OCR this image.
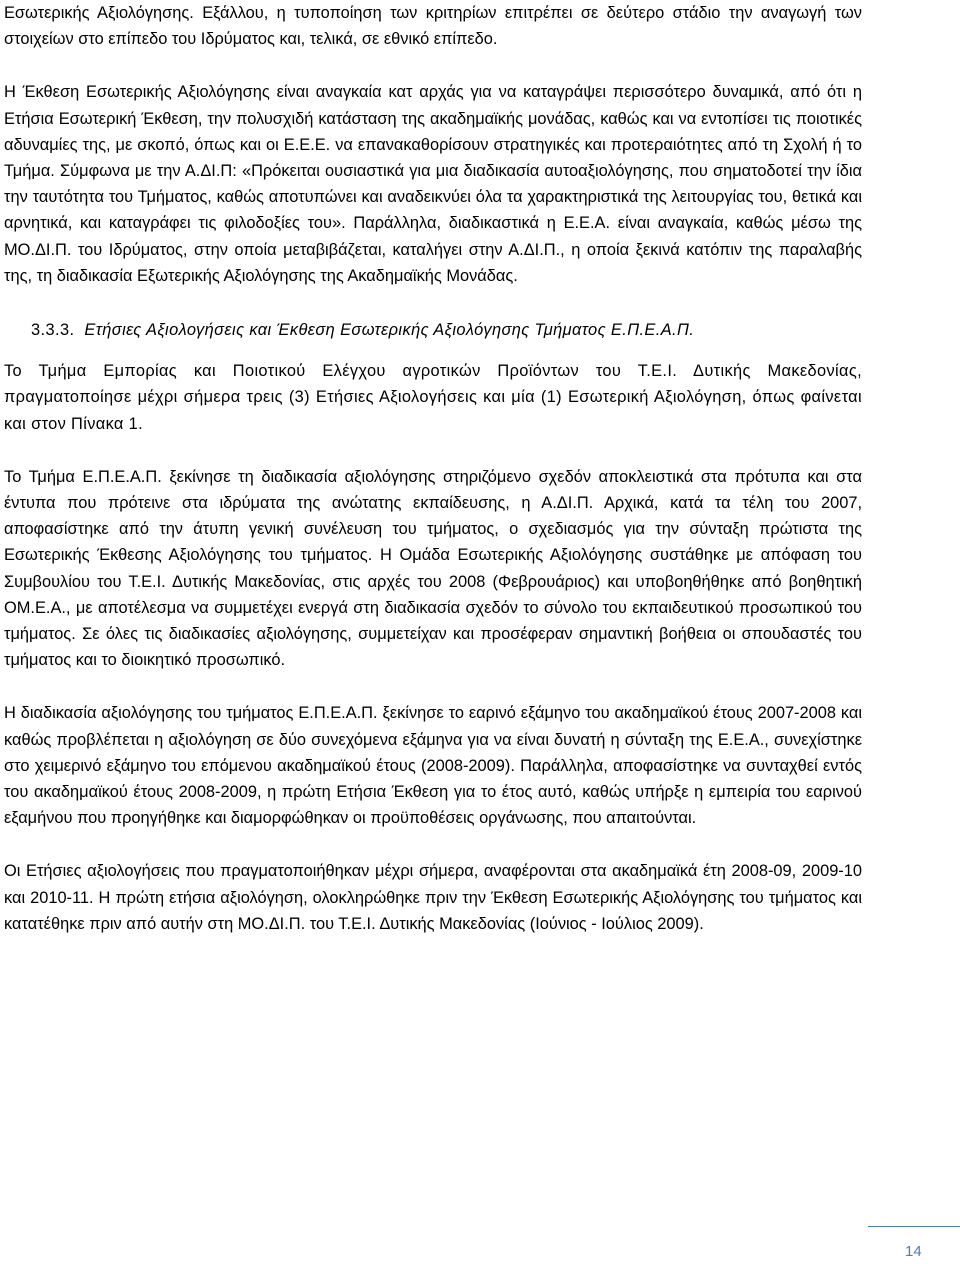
Εσωτερικής Αξιολόγησης. Εξάλλου, η τυποποίηση των κριτηρίων επιτρέπει σε δεύτερο στάδιο την αναγωγή των στοιχείων στο επίπεδο του Ιδρύματος και, τελικά, σε εθνικό επίπεδο.

Η Έκθεση Εσωτερικής Αξιολόγησης είναι αναγκαία κατ αρχάς για να καταγράψει περισσότερο δυναμικά, από ότι η Ετήσια Εσωτερική Έκθεση, την πολυσχιδή κατάσταση της ακαδημαϊκής μονάδας, καθώς και να εντοπίσει τις ποιοτικές αδυναμίες της, με σκοπό, όπως και οι Ε.Ε.Ε. να επανακαθορίσουν στρατηγικές και προτεραιότητες από τη Σχολή ή το Τμήμα. Σύμφωνα με την Α.ΔΙ.Π: «Πρόκειται ουσιαστικά για μια διαδικασία αυτοαξιολόγησης, που σηματοδοτεί την ίδια την ταυτότητα του Τμήματος, καθώς αποτυπώνει και αναδεικνύει όλα τα χαρακτηριστικά της λειτουργίας του, θετικά και αρνητικά, και καταγράφει τις φιλοδοξίες του». Παράλληλα, διαδικαστικά η Ε.Ε.Α. είναι αναγκαία, καθώς μέσω της ΜΟ.ΔΙ.Π. του Ιδρύματος, στην οποία μεταβιβάζεται, καταλήγει στην Α.ΔΙ.Π., η οποία ξεκινά κατόπιν της παραλαβής της, τη διαδικασία Εξωτερικής Αξιολόγησης της Ακαδημαϊκής Μονάδας.

3.3.3. Ετήσιες Αξιολογήσεις και Έκθεση Εσωτερικής Αξιολόγησης Τμήματος Ε.Π.Ε.Α.Π.

Το Τμήμα Εμπορίας και Ποιοτικού Ελέγχου αγροτικών Προϊόντων του Τ.Ε.Ι. Δυτικής Μακεδονίας, πραγματοποίησε μέχρι σήμερα τρεις (3) Ετήσιες Αξιολογήσεις και μία (1) Εσωτερική Αξιολόγηση, όπως φαίνεται και στον Πίνακα 1.

Το Τμήμα Ε.Π.Ε.Α.Π. ξεκίνησε τη διαδικασία αξιολόγησης στηριζόμενο σχεδόν αποκλειστικά στα πρότυπα και στα έντυπα που πρότεινε στα ιδρύματα της ανώτατης εκπαίδευσης, η Α.ΔΙ.Π. Αρχικά, κατά τα τέλη του 2007, αποφασίστηκε από την άτυπη γενική συνέλευση του τμήματος, ο σχεδιασμός για την σύνταξη πρώτιστα της Εσωτερικής Έκθεσης Αξιολόγησης του τμήματος. Η Ομάδα Εσωτερικής Αξιολόγησης συστάθηκε με απόφαση του Συμβουλίου του Τ.Ε.Ι. Δυτικής Μακεδονίας, στις αρχές του 2008 (Φεβρουάριος) και υποβοηθήθηκε από βοηθητική ΟΜ.Ε.Α., με αποτέλεσμα να συμμετέχει ενεργά στη διαδικασία σχεδόν το σύνολο του εκπαιδευτικού προσωπικού του τμήματος. Σε όλες τις διαδικασίες αξιολόγησης, συμμετείχαν και προσέφεραν σημαντική βοήθεια οι σπουδαστές του τμήματος και το διοικητικό προσωπικό.

Η διαδικασία αξιολόγησης του τμήματος Ε.Π.Ε.Α.Π. ξεκίνησε το εαρινό εξάμηνο του ακαδημαϊκού έτους 2007-2008 και καθώς προβλέπεται η αξιολόγηση σε δύο συνεχόμενα εξάμηνα για να είναι δυνατή η σύνταξη της Ε.Ε.Α., συνεχίστηκε στο χειμερινό εξάμηνο του επόμενου ακαδημαϊκού έτους (2008-2009). Παράλληλα, αποφασίστηκε να συνταχθεί εντός του ακαδημαϊκού έτους 2008-2009, η πρώτη Ετήσια Έκθεση για το έτος αυτό, καθώς υπήρξε η εμπειρία του εαρινού εξαμήνου που προηγήθηκε και διαμορφώθηκαν οι προϋποθέσεις οργάνωσης, που απαιτούνται.

Οι Ετήσιες αξιολογήσεις που πραγματοποιήθηκαν μέχρι σήμερα, αναφέρονται στα ακαδημαϊκά έτη 2008-09, 2009-10 και 2010-11. Η πρώτη ετήσια αξιολόγηση, ολοκληρώθηκε πριν την Έκθεση Εσωτερικής Αξιολόγησης του τμήματος και κατατέθηκε πριν από αυτήν στη ΜΟ.ΔΙ.Π. του Τ.Ε.Ι. Δυτικής Μακεδονίας (Ιούνιος - Ιούλιος 2009).

14
